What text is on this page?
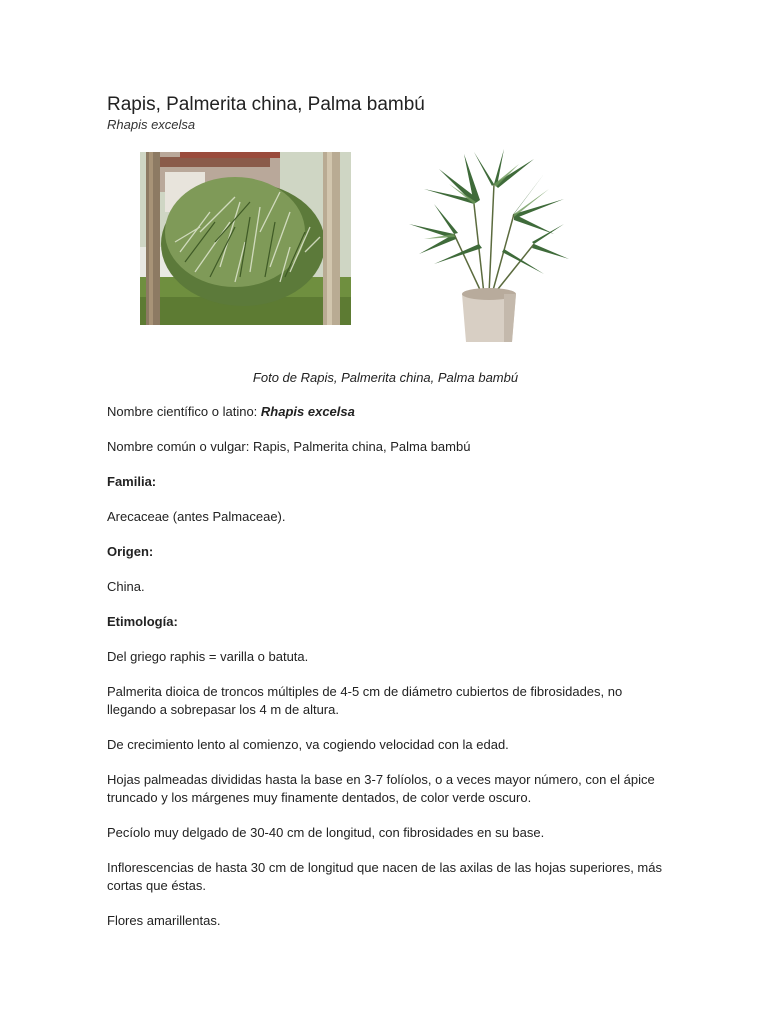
Rapis, Palmerita china, Palma bambú
Rhapis excelsa
Foto de Rapis, Palmerita china, Palma bambú

Nombre científico o latino: Rhapis excelsa

Nombre común o vulgar: Rapis, Palmerita china, Palma bambú

Familia:

Arecaceae (antes Palmaceae).

Origen:

China.

Etimología:

Del griego raphis = varilla o batuta.

Palmerita dioica de troncos múltiples de 4-5 cm de diámetro cubiertos de fibrosidades, no llegando a sobrepasar los 4 m de altura.

De crecimiento lento al comienzo, va cogiendo velocidad con la edad.

Hojas palmeadas divididas hasta la base en 3-7 folíolos, o a veces mayor número, con el ápice truncado y los márgenes muy finamente dentados, de color verde oscuro.

Pecíolo muy delgado de 30-40 cm de longitud, con fibrosidades en su base.

Inflorescencias de hasta 30 cm de longitud que nacen de las axilas de las hojas superiores, más cortas que éstas.

Flores amarillentas.
